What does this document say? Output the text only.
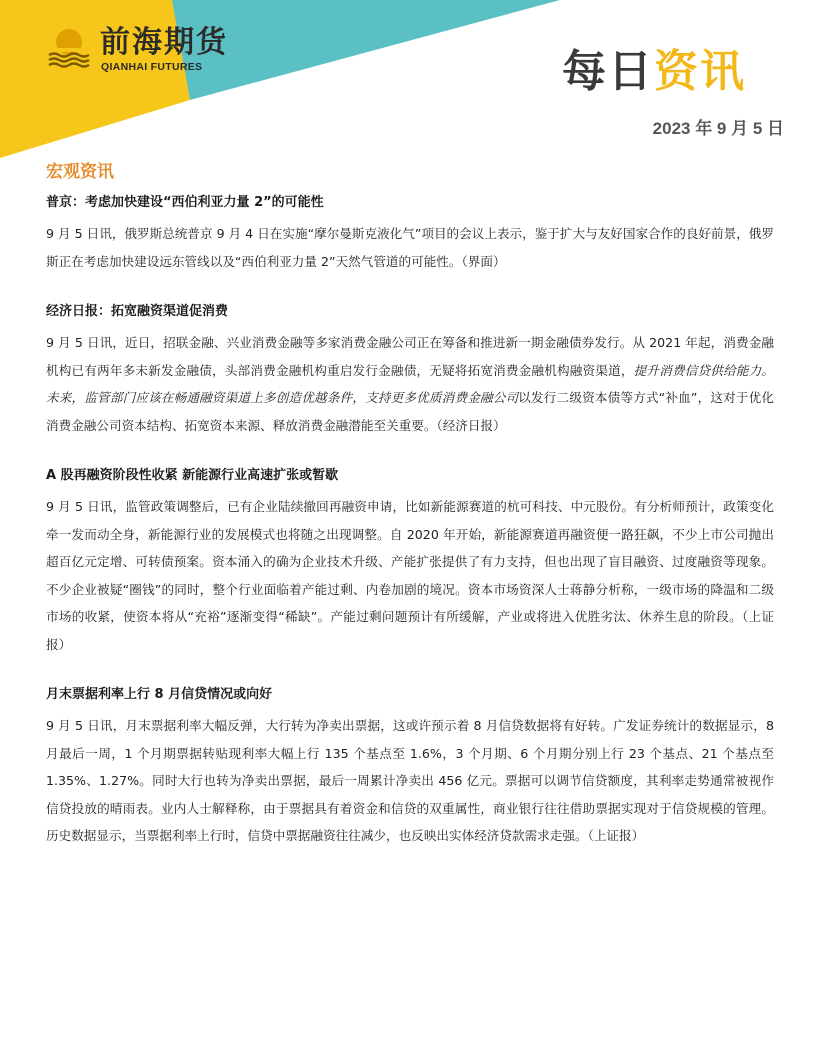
前海期货
QIANHAI FUTURES	每日资讯
2023 年 9 月 5 日
宏观资讯
普京：考虑加快建设“西伯利亚力量 2”的可能性

9 月 5 日讯，俄罗斯总统普京 9 月 4 日在实施“摩尔曼斯克液化气”项目的会议上表示，鉴于扩大与友好国家合作的良好前景，俄罗斯正在考虑加快建设远东管线以及“西伯利亚力量 2”天然气管道的可能性。（界面）

经济日报：拓宽融资渠道促消费

9 月 5 日讯，近日，招联金融、兴业消费金融等多家消费金融公司正在筹备和推进新一期金融债券发行。从 2021 年起，消费金融机构已有两年多未新发金融债，头部消费金融机构重启发行金融债，无疑将拓宽消费金融机构融资渠道，提升消费信贷供给能力。未来，监管部门应该在畅通融资渠道上多创造优越条件，支持更多优质消费金融公司以发行二级资本债等方式“补血”，这对于优化消费金融公司资本结构、拓宽资本来源、释放消费金融潜能至关重要。（经济日报）

A 股再融资阶段性收紧 新能源行业高速扩张或暂歇

9 月 5 日讯，监管政策调整后，已有企业陆续撤回再融资申请，比如新能源赛道的杭可科技、中元股份。有分析师预计，政策变化牵一发而动全身，新能源行业的发展模式也将随之出现调整。自 2020 年开始，新能源赛道再融资便一路狂飙，不少上市公司抛出超百亿元定增、可转债预案。资本涌入的确为企业技术升级、产能扩张提供了有力支持，但也出现了盲目融资、过度融资等现象。不少企业被疑“圈钱”的同时，整个行业面临着产能过剩、内卷加剧的境况。资本市场资深人士蒋静分析称，一级市场的降温和二级市场的收紧，使资本将从“充裕”逐渐变得“稀缺”。产能过剩问题预计有所缓解，产业或将进入优胜劣汰、休养生息的阶段。（上证报）

月末票据利率上行 8 月信贷情况或向好

9 月 5 日讯，月末票据利率大幅反弹，大行转为净卖出票据，这或许预示着 8 月信贷数据将有好转。广发证券统计的数据显示，8 月最后一周，1 个月期票据转贴现利率大幅上行 135 个基点至 1.6%，3 个月期、6 个月期分别上行 23 个基点、21 个基点至 1.35%、1.27%。同时大行也转为净卖出票据，最后一周累计净卖出 456 亿元。票据可以调节信贷额度，其利率走势通常被视作信贷投放的晴雨表。业内人士解释称，由于票据具有着资金和信贷的双重属性，商业银行往往借助票据实现对于信贷规模的管理。历史数据显示，当票据利率上行时，信贷中票据融资往往减少，也反映出实体经济贷款需求走强。（上证报）
